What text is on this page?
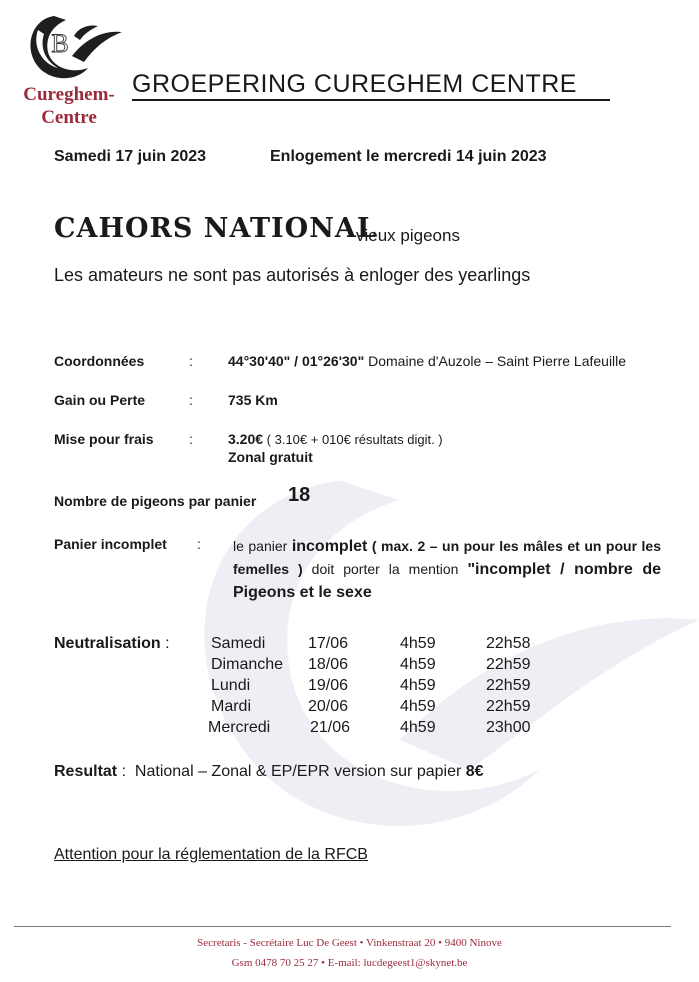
B
Cureghem-
Centre
GROEPERING CUREGHEM CENTRE
Samedi 17 juin 2023	Enlogement le mercredi 14 juin 2023
CAHORS NATIONAL
vieux pigeons
Les amateurs ne sont pas autorisés à enloger des yearlings
Coordonnées	:	44°30'40" / 01°26'30" Domaine d'Auzole – Saint Pierre Lafeuille
Gain ou Perte	:	735 Km
Mise pour frais	:	3.20€ ( 3.10€ + 010€ résultats digit. )
Zonal gratuit
Nombre de pigeons par panier 18
Panier incomplet : le panier incomplet ( max. 2 – un pour les mâles et un pour les femelles ) doit porter la mention "incomplet / nombre de Pigeons et le sexe
Neutralisation :	Samedi	17/06	4h59	22h58
Dimanche 18/06	4h59	22h59
Lundi	19/06	4h59	22h59
Mardi	20/06	4h59	22h59
Mercredi 21/06	4h59	23h00
Resultat : National – Zonal & EP/EPR version sur papier 8€
Attention pour la réglementation de la RFCB
Secretaris - Secrétaire Luc De Geest • Vinkenstraat 20 • 9400 Ninove
Gsm 0478 70 25 27 • E-mail: lucdegeest1@skynet.be
